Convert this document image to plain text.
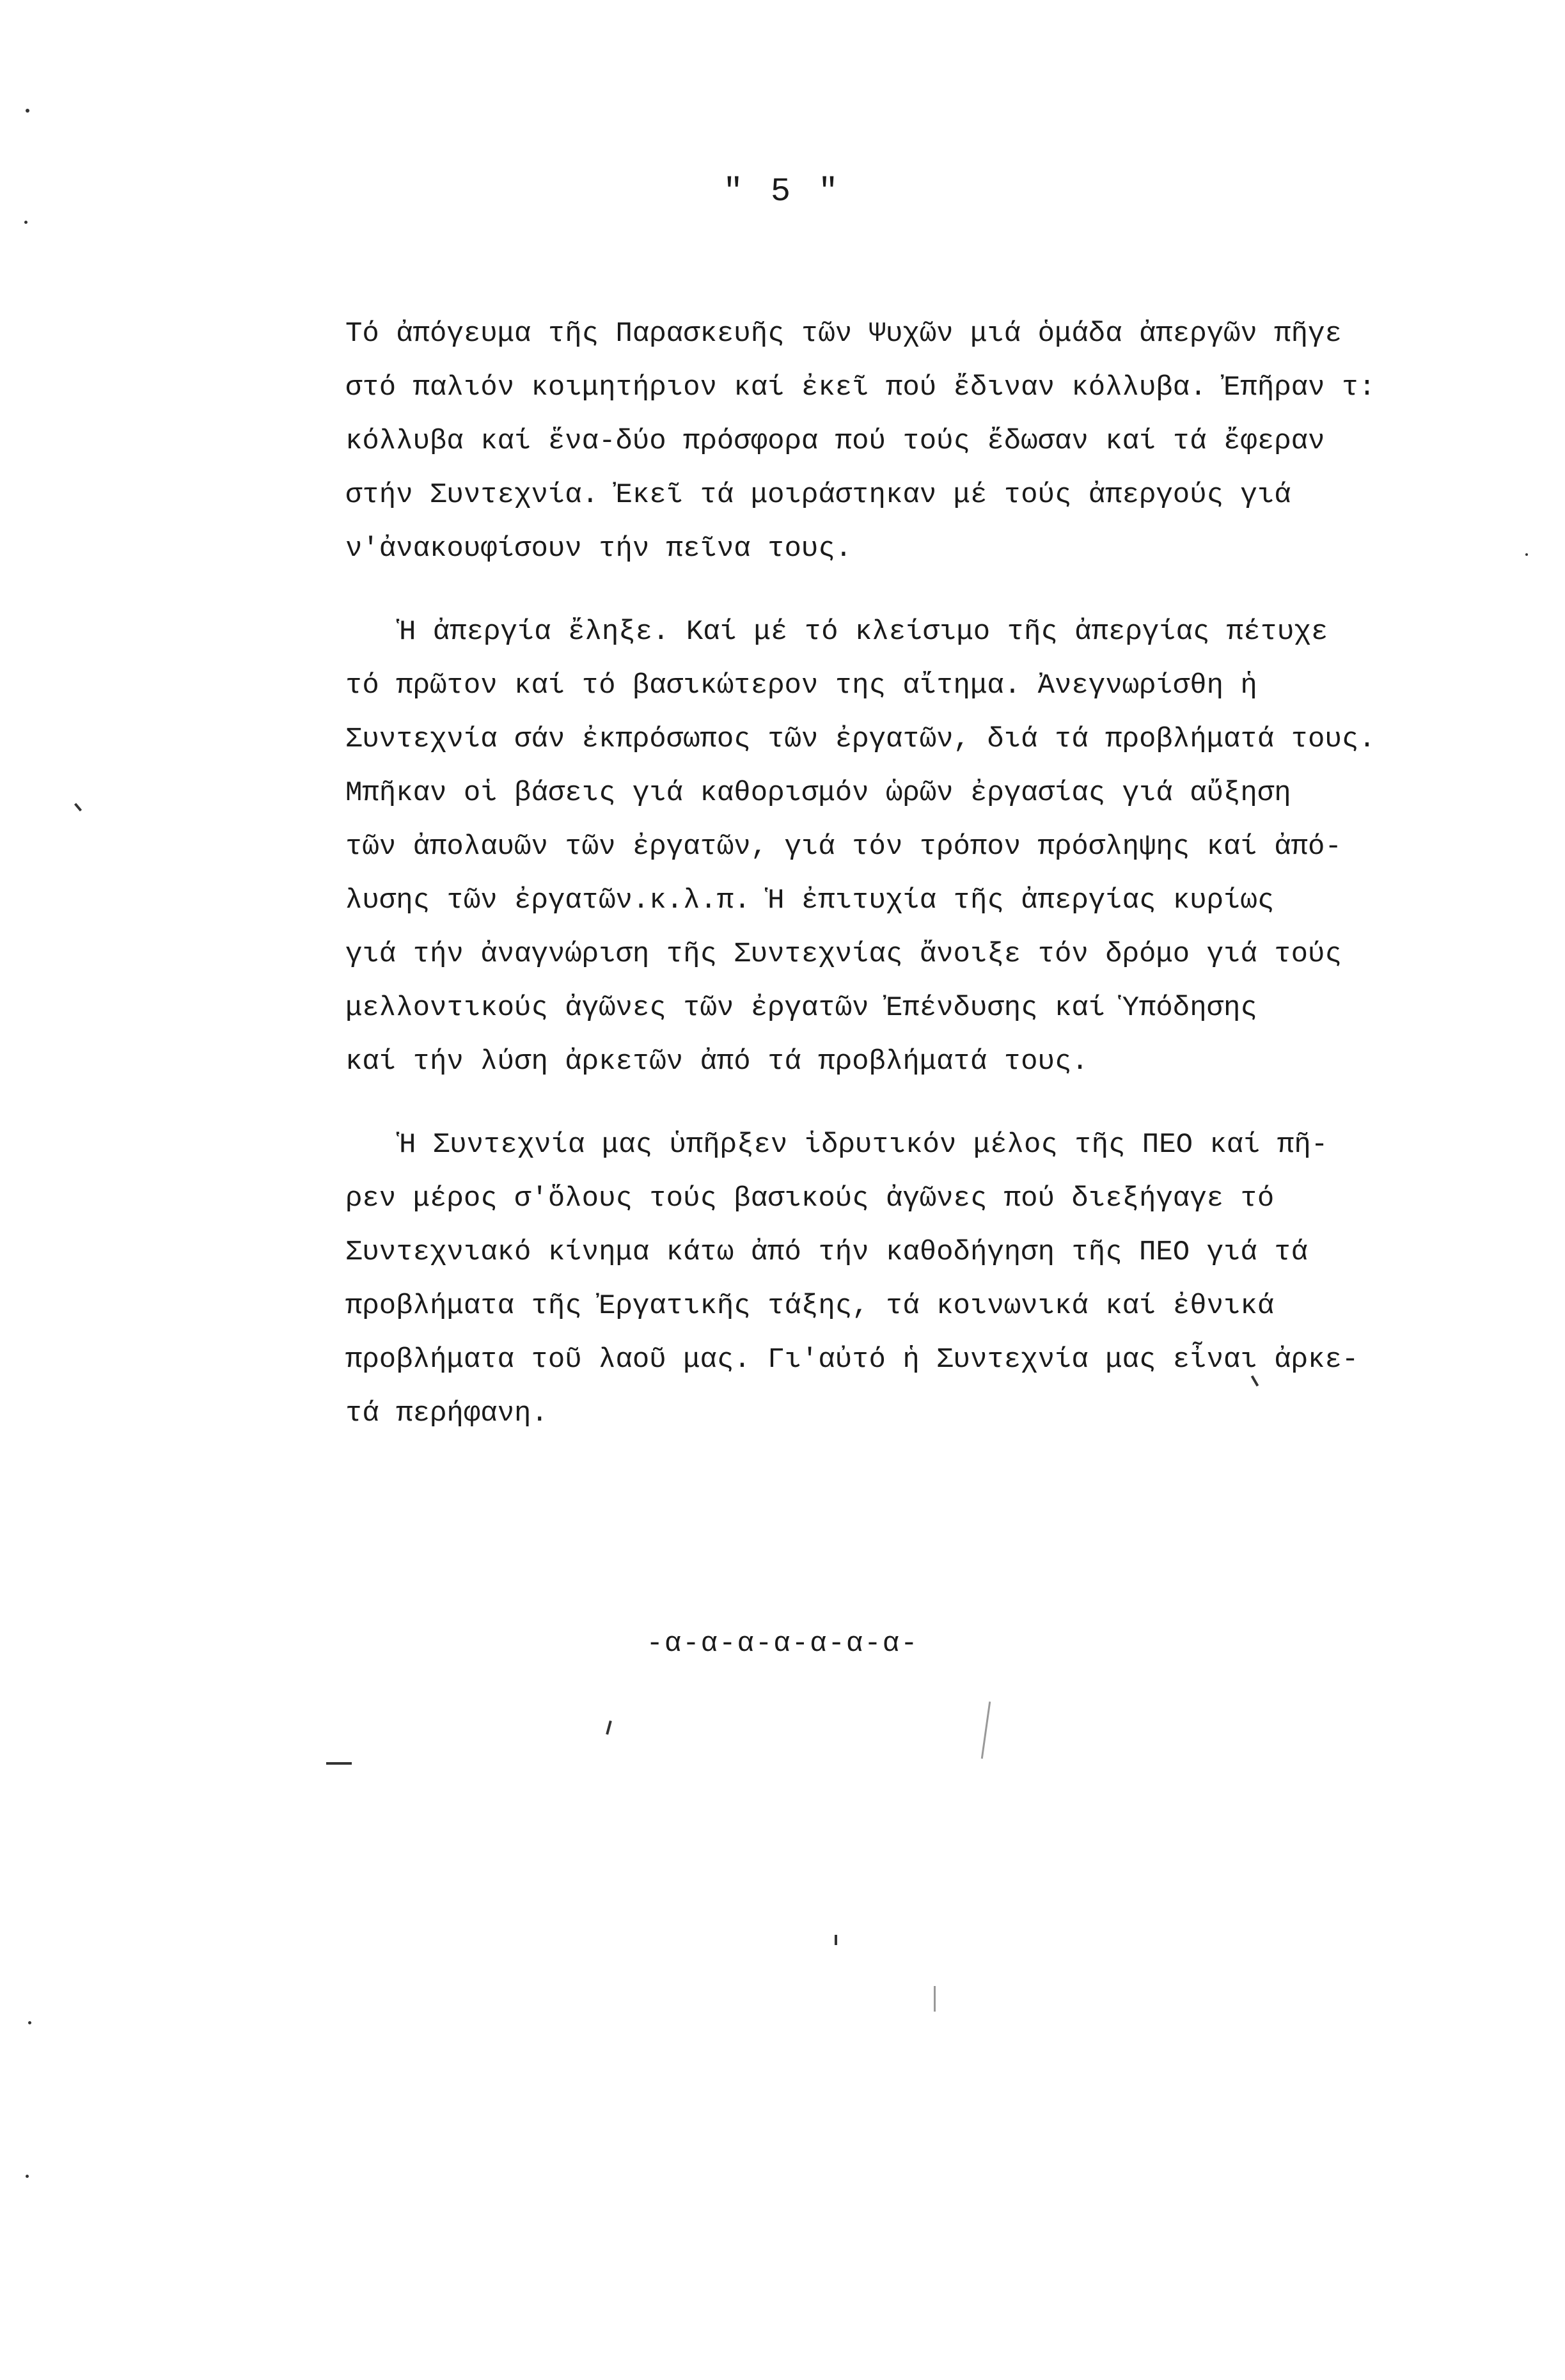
" 5 "
Τό ἀπόγευμα τῆς Παρασκευῆς τῶν Ψυχῶν μιά ὁμάδα ἀπεργῶν πῆγε
στό παλιόν κοιμητήριον καί ἐκεῖ πού ἔδιναν κόλλυβα. Ἐπῆραν τ:
κόλλυβα καί ἕνα-δύο πρόσφορα πού τούς ἔδωσαν καί τά ἔφεραν
στήν Συντεχνία. Ἐκεῖ τά μοιράστηκαν μέ τούς ἀπεργούς γιά
ν'ἀνακουφίσουν τήν πεῖνα τους.
Ἡ ἀπεργία ἔληξε. Καί μέ τό κλείσιμο τῆς ἀπεργίας πέτυχε
τό πρῶτον καί τό βασικώτερον της αἴτημα. Ἀνεγνωρίσθη ἡ
Συντεχνία σάν ἐκπρόσωπος τῶν ἐργατῶν, διά τά προβλήματά τους.
Μπῆκαν οἱ βάσεις γιά καθορισμόν ὡρῶν ἐργασίας γιά αὔξηση
τῶν ἀπολαυῶν τῶν ἐργατῶν, γιά τόν τρόπον πρόσληψης καί ἀπό-
λυσης τῶν ἐργατῶν.κ.λ.π. Ἡ ἐπιτυχία τῆς ἀπεργίας κυρίως
γιά τήν ἀναγνώριση τῆς Συντεχνίας ἄνοιξε τόν δρόμο γιά τούς
μελλοντικούς ἀγῶνες τῶν ἐργατῶν Ἐπένδυσης καί Ὑπόδησης
καί τήν λύση ἀρκετῶν ἀπό τά προβλήματά τους.
Ἡ Συντεχνία μας ὑπῆρξεν ἱδρυτικόν μέλος τῆς ΠΕΟ καί πῆ-
ρεν μέρος σ'ὅλους τούς βασικούς ἀγῶνες πού διεξήγαγε τό
Συντεχνιακό κίνημα κάτω ἀπό τήν καθοδήγηση τῆς ΠΕΟ γιά τά
προβλήματα τῆς Ἐργατικῆς τάξης, τά κοινωνικά καί ἐθνικά
προβλήματα τοῦ λαοῦ μας. Γι'αὐτό ἡ Συντεχνία μας εἶναι ἀρκε-
τά περήφανη.
-α-α-α-α-α-α-α-
